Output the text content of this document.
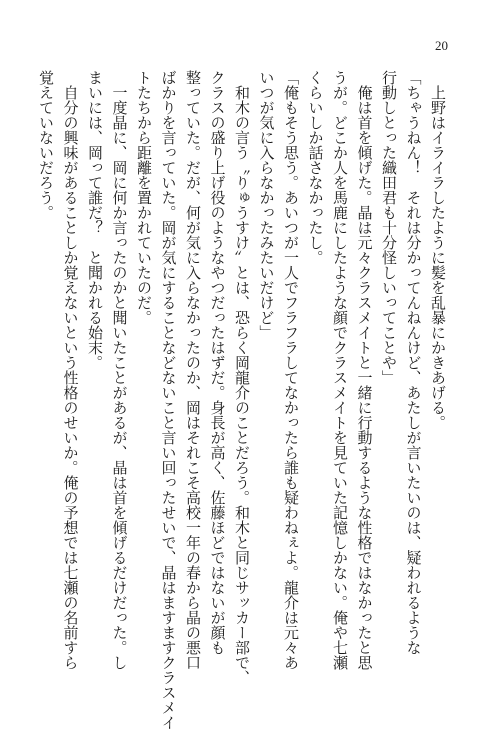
20
　上野はイライラしたように髪を乱暴にかきあげる。
「ちゃうねん！　それは分かってんねんけど、あたしが言いたいのは、疑われるような
行動しとった織田君も十分怪しいってことや」
　俺は首を傾げた。晶は元々クラスメイトと一緒に行動するような性格ではなかったと思
うが。どこか人を馬鹿にしたような顔でクラスメイトを見ていた記憶しかない。俺や七瀬
くらいしか話さなかったし。
「俺もそう思う。あいつが一人でフラフラしてなかったら誰も疑わねぇよ。龍介は元々あ
いつが気に入らなかったみたいだけど」
　和木の言う〝りゅうすけ〟とは、恐らく岡龍介のことだろう。和木と同じサッカー部で、
クラスの盛り上げ役のようなやつだったはずだ。身長が高く、佐藤ほどではないが顔も
整っていた。だが、何が気に入らなかったのか、岡はそれこそ高校一年の春から晶の悪口
ばかりを言っていた。岡が気にすることなどないこと言い回ったせいで、晶はますますクラスメイ
トたちから距離を置かれていたのだ。
　一度晶に、岡に何か言ったのかと聞いたことがあるが、晶は首を傾げるだけだった。し
まいには、岡って誰だ？　と聞かれる始末。
　自分の興味があることしか覚えないという性格のせいか。俺の予想では七瀬の名前すら
覚えていないだろう。
